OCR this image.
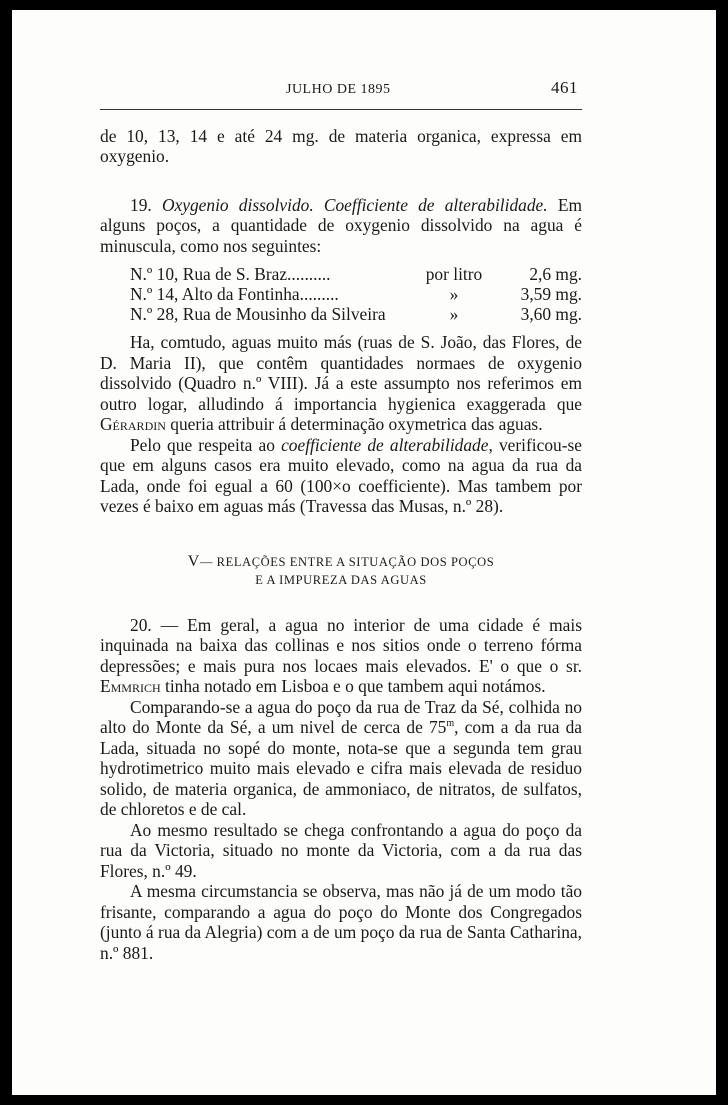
JULHO DE 1895	461

de 10, 13, 14 e até 24 mg. de materia organica, expressa em oxygenio.

19. Oxygenio dissolvido. Coefficiente de alterabilidade. Em alguns poços, a quantidade de oxygenio dissolvido na agua é minuscula, como nos seguintes:

N.º 10, Rua de S. Braz..........	por litro	2,6 mg.
N.º 14, Alto da Fontinha.........	»	3,59 mg.
N.º 28, Rua de Mousinho da Silveira	»	3,60 mg.

Ha, comtudo, aguas muito más (ruas de S. João, das Flores, de D. Maria II), que contêm quantidades normaes de oxygenio dissolvido (Quadro n.º VIII). Já a este assumpto nos referimos em outro logar, alludindo á importancia hygienica exaggerada que Gérardin queria attribuir á determinação oxymetrica das aguas.

Pelo que respeita ao coefficiente de alterabilidade, verificou-se que em alguns casos era muito elevado, como na agua da rua da Lada, onde foi egual a 60 (100×o coefficiente). Mas tambem por vezes é baixo em aguas más (Travessa das Musas, n.º 28).

V— RELAÇÕES ENTRE A SITUAÇÃO DOS POÇOS
E A IMPUREZA DAS AGUAS

20. — Em geral, a agua no interior de uma cidade é mais inquinada na baixa das collinas e nos sitios onde o terreno fórma depressões; e mais pura nos locaes mais elevados. E' o que o sr. Emmrich tinha notado em Lisboa e o que tambem aqui notámos.

Comparando-se a agua do poço da rua de Traz da Sé, colhida no alto do Monte da Sé, a um nivel de cerca de 75$^m$, com a da rua da Lada, situada no sopé do monte, nota-se que a segunda tem grau hydrotimetrico muito mais elevado e cifra mais elevada de residuo solido, de materia organica, de ammoniaco, de nitratos, de sulfatos, de chloretos e de cal.

Ao mesmo resultado se chega confrontando a agua do poço da rua da Victoria, situado no monte da Victoria, com a da rua das Flores, n.º 49.

A mesma circumstancia se observa, mas não já de um modo tão frisante, comparando a agua do poço do Monte dos Congregados (junto á rua da Alegria) com a de um poço da rua de Santa Catharina, n.º 881.
